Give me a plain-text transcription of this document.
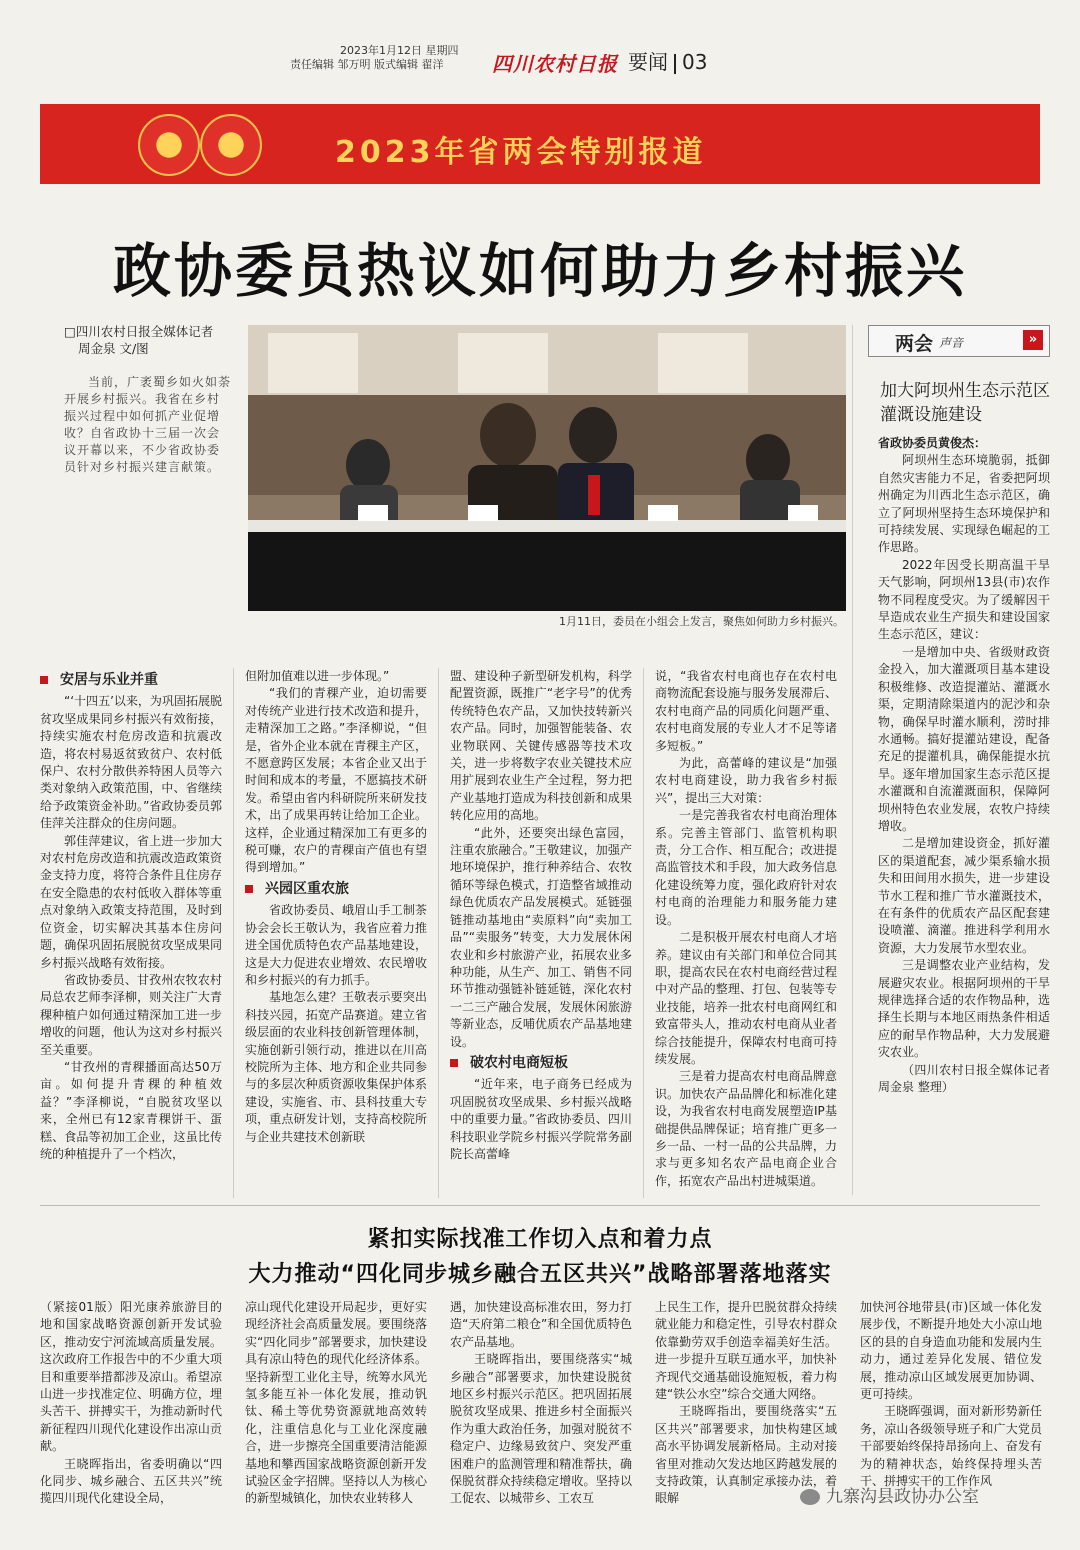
2023年1月12日 星期四
责任编辑 邹万明 版式编辑 翟洋	四川农村日报 要闻 03
2023年省两会特别报道
政协委员热议如何助力乡村振兴
□四川农村日报全媒体记者
周金泉 文/图
当前，广袤蜀乡如火如荼开展乡村振兴。我省在乡村振兴过程中如何抓产业促增收？自省政协十三届一次会议开幕以来，不少省政协委员针对乡村振兴建言献策。
1月11日，委员在小组会上发言，聚焦如何助力乡村振兴。
两会 声音	»
加大阿坝州生态示范区灌溉设施建设
省政协委员黄俊杰：

阿坝州生态环境脆弱，抵御自然灾害能力不足，省委把阿坝州确定为川西北生态示范区，确立了阿坝州坚持生态环境保护和可持续发展、实现绿色崛起的工作思路。

2022年因受长期高温干旱天气影响，阿坝州13县(市)农作物不同程度受灾。为了缓解因干旱造成农业生产损失和建设国家生态示范区，建议：

一是增加中央、省级财政资金投入，加大灌溉项目基本建设积极维修、改造提灌站、灌溉水渠，定期清除渠道内的泥沙和杂物，确保早时灌水顺利，涝时排水通畅。搞好提灌站建设，配备充足的提灌机具，确保能提水抗旱。逐年增加国家生态示范区提水灌溉和自流灌溉面积，保障阿坝州特色农业发展，农牧户持续增收。

二是增加建设资金，抓好灌区的渠道配套，减少渠系输水损失和田间用水损失，进一步建设节水工程和推广节水灌溉技术，在有条件的优质农产品区配套建设喷灌、滴灌。推进科学利用水资源，大力发展节水型农业。

三是调整农业产业结构，发展避灾农业。根据阿坝州的干旱规律选择合适的农作物品种，选择生长期与本地区雨热条件相适应的耐旱作物品种，大力发展避灾农业。

（四川农村日报全媒体记者 周金泉 整理）

安居与乐业并重

“‘十四五’以来，为巩固拓展脱贫攻坚成果同乡村振兴有效衔接，持续实施农村危房改造和抗震改造，将农村易返贫致贫户、农村低保户、农村分散供养特困人员等六类对象纳入政策范围，中、省继续给予政策资金补助。”省政协委员郭佳萍关注群众的住房问题。

郭佳萍建议，省上进一步加大对农村危房改造和抗震改造政策资金支持力度，将符合条件且住房存在安全隐患的农村低收入群体等重点对象纳入政策支持范围，及时到位资金，切实解决其基本住房问题，确保巩固拓展脱贫攻坚成果同乡村振兴战略有效衔接。

省政协委员、甘孜州农牧农村局总农艺师李泽柳，则关注广大青稞种植户如何通过精深加工进一步增收的问题，他认为这对乡村振兴至关重要。

“甘孜州的青稞播面高达50万亩。如何提升青稞的种植效益？”李泽柳说，“自脱贫攻坚以来，全州已有12家青稞饼干、蛋糕、食品等初加工企业，这虽比传统的种植提升了一个档次，

但附加值难以进一步体现。”

“我们的青稞产业，迫切需要对传统产业进行技术改造和提升，走精深加工之路。”李泽柳说，“但是，省外企业本就在青稞主产区，不愿意跨区发展；本省企业又出于时间和成本的考量，不愿搞技术研发。希望由省内科研院所来研发技术，出了成果再转让给加工企业。这样，企业通过精深加工有更多的税可赚，农户的青稞亩产值也有望得到增加。”

兴园区重农旅

省政协委员、峨眉山手工制茶协会会长王敬认为，我省应着力推进全国优质特色农产品基地建设，这是大力促进农业增效、农民增收和乡村振兴的有力抓手。

基地怎么建？王敬表示要突出科技兴园，拓宽产品赛道。建立省级层面的农业科技创新管理体制，实施创新引领行动，推进以在川高校院所为主体、地方和企业共同参与的多层次种质资源收集保护体系建设，实施省、市、县科技重大专项，重点研发计划，支持高校院所与企业共建技术创新联

盟、建设种子新型研发机构，科学配置资源，既推广“老字号”的优秀传统特色农产品，又加快技转新兴农产品。同时，加强智能装备、农业物联网、关键传感器等技术攻关，进一步将数字农业关键技术应用扩展到农业生产全过程，努力把产业基地打造成为科技创新和成果转化应用的高地。

“此外，还要突出绿色富园，注重农旅融合。”王敬建议，加强产地环境保护，推行种养结合、农牧循环等绿色模式，打造整省域推动绿色优质农产品发展模式。延链强链推动基地由“卖原料”向“卖加工品”“卖服务”转变，大力发展休闲农业和乡村旅游产业，拓展农业多种功能，从生产、加工、销售不同环节推动强链补链延链，深化农村一二三产融合发展，发展休闲旅游等新业态，反哺优质农产品基地建设。

破农村电商短板

“近年来，电子商务已经成为巩固脱贫攻坚成果、乡村振兴战略中的重要力量。”省政协委员、四川科技职业学院乡村振兴学院常务副院长高蕾峰

说，“我省农村电商也存在农村电商物流配套设施与服务发展滞后、农村电商产品的同质化问题严重、农村电商发展的专业人才不足等诸多短板。”

为此，高蕾峰的建议是“加强农村电商建设，助力我省乡村振兴”，提出三大对策：

一是完善我省农村电商治理体系。完善主管部门、监管机构职责，分工合作、相互配合；改进提高监管技术和手段，加大政务信息化建设统筹力度，强化政府针对农村电商的治理能力和服务能力建设。

二是积极开展农村电商人才培养。建议由有关部门和单位合同其职，提高农民在农村电商经营过程中对产品的整理、打包、包装等专业技能，培养一批农村电商网红和致富带头人，推动农村电商从业者综合技能提升，保障农村电商可持续发展。

三是着力提高农村电商品牌意识。加快农产品品牌化和标准化建设，为我省农村电商发展塑造IP基础提供品牌保证；培育推广更多一乡一品、一村一品的公共品牌，力求与更多知名农产品电商企业合作，拓宽农产品出村进城渠道。

紧扣实际找准工作切入点和着力点
大力推动“四化同步城乡融合五区共兴”战略部署落地落实

（紧接01版）阳光康养旅游目的地和国家战略资源创新开发试验区，推动安宁河流域高质量发展。这次政府工作报告中的不少重大项目和重要举措都涉及凉山。希望凉山进一步找准定位、明确方位，埋头苦干、拼搏实干，为推动新时代新征程四川现代化建设作出凉山贡献。

王晓晖指出，省委明确以“四化同步、城乡融合、五区共兴”统揽四川现代化建设全局，

凉山现代化建设开局起步，更好实现经济社会高质量发展。要围绕落实“四化同步”部署要求，加快建设具有凉山特色的现代化经济体系。坚持新型工业化主导，统筹水风光氢多能互补一体化发展，推动钒钛、稀土等优势资源就地高效转化，注重信息化与工业化深度融合，进一步擦亮全国重要清洁能源基地和攀西国家战略资源创新开发试验区金字招牌。坚持以人为核心的新型城镇化，加快农业转移人

遇，加快建设高标准农田，努力打造“天府第二粮仓”和全国优质特色农产品基地。

王晓晖指出，要围绕落实“城乡融合”部署要求，加快建设脱贫地区乡村振兴示范区。把巩固拓展脱贫攻坚成果、推进乡村全面振兴作为重大政治任务，加强对脱贫不稳定户、边缘易致贫户、突发严重困难户的监测管理和精准帮扶，确保脱贫群众持续稳定增收。坚持以工促农、以城带乡、工农互

上民生工作，提升巴脱贫群众持续就业能力和稳定性，引导农村群众依靠勤劳双手创造幸福美好生活。进一步提升互联互通水平，加快补齐现代交通基础设施短板，着力构建“铁公水空”综合交通大网络。

王晓晖指出，要围绕落实“五区共兴”部署要求，加快构建区域高水平协调发展新格局。主动对接省里对推动欠发达地区跨越发展的支持政策，认真制定承接办法，着眼解

加快河谷地带县(市)区域一体化发展步伐，不断提升地处大小凉山地区的县的自身造血功能和发展内生动力，通过差异化发展、错位发展，推动凉山区域发展更加协调、更可持续。

王晓晖强调，面对新形势新任务，凉山各级领导班子和广大党员干部要始终保持昂扬向上、奋发有为的精神状态，始终保持埋头苦干、拼搏实干的工作作风

九寨沟县政协办公室
